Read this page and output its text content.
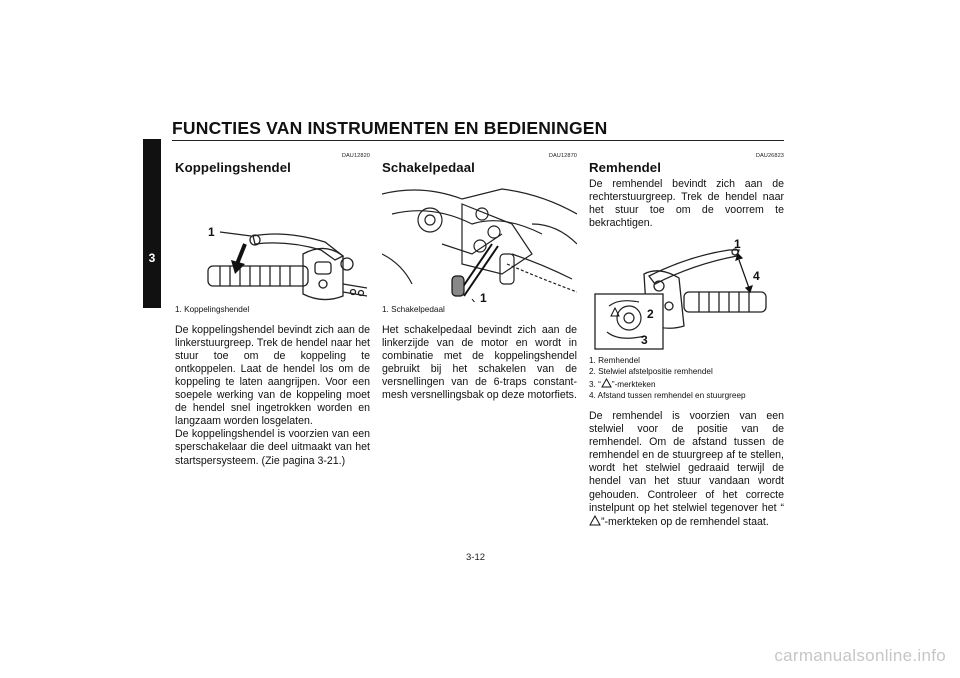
FUNCTIES VAN INSTRUMENTEN EN BEDIENINGEN
3
DAU12820
Koppelingshendel
1
1. Koppelingshendel

De koppelingshendel bevindt zich aan de linkerstuurgreep. Trek de hendel naar het stuur toe om de koppeling te ontkoppelen. Laat de hendel los om de koppeling te laten aangrijpen. Voor een soepele werking van de koppeling moet de hendel snel ingetrokken worden en langzaam worden losgelaten.

De koppelingshendel is voorzien van een sperschakelaar die deel uitmaakt van het startspersysteem. (Zie pagina 3-21.)

DAU12870
Schakelpedaal
1
1. Schakelpedaal

Het schakelpedaal bevindt zich aan de linkerzijde van de motor en wordt in combinatie met de koppelingshendel gebruikt bij het schakelen van de versnellingen van de 6-traps constant-mesh versnellingsbak op deze motorfiets.

DAU26823
Remhendel
De remhendel bevindt zich aan de rechterstuurgreep. Trek de hendel naar het stuur toe om de voorrem te bekrachtigen.
1
2
3
4
1. Remhendel
2. Stelwiel afstelpositie remhendel
3. “ ”-merkteken
4. Afstand tussen remhendel en stuurgreep

De remhendel is voorzien van een stelwiel voor de positie van de remhendel. Om de afstand tussen de remhendel en de stuurgreep af te stellen, wordt het stelwiel gedraaid terwijl de hendel van het stuur vandaan wordt gehouden. Controleer of het correcte instelpunt op het stelwiel tegenover het “”-merkteken op de remhendel staat.

3-12
carmanualsonline.info
